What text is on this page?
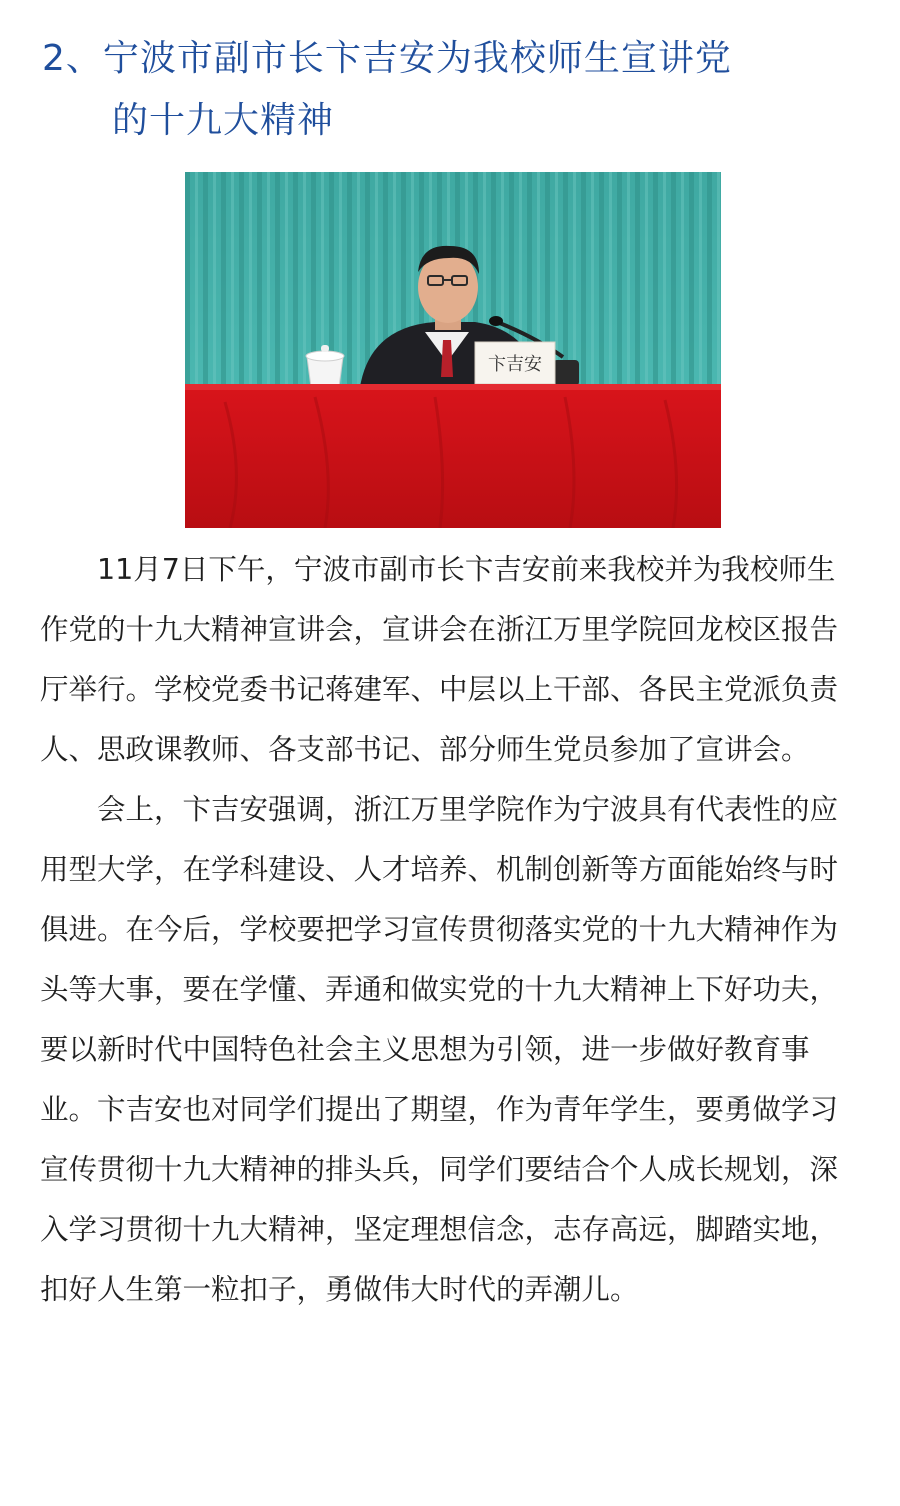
2、宁波市副市长卞吉安为我校师生宣讲党
的十九大精神
卞吉安

11月7日下午，宁波市副市长卞吉安前来我校并为我校师生作党的十九大精神宣讲会，宣讲会在浙江万里学院回龙校区报告厅举行。学校党委书记蒋建军、中层以上干部、各民主党派负责人、思政课教师、各支部书记、部分师生党员参加了宣讲会。

会上，卞吉安强调，浙江万里学院作为宁波具有代表性的应用型大学，在学科建设、人才培养、机制创新等方面能始终与时俱进。在今后，学校要把学习宣传贯彻落实党的十九大精神作为头等大事，要在学懂、弄通和做实党的十九大精神上下好功夫，要以新时代中国特色社会主义思想为引领，进一步做好教育事业。卞吉安也对同学们提出了期望，作为青年学生，要勇做学习宣传贯彻十九大精神的排头兵，同学们要结合个人成长规划，深入学习贯彻十九大精神，坚定理想信念，志存高远，脚踏实地，扣好人生第一粒扣子，勇做伟大时代的弄潮儿。
